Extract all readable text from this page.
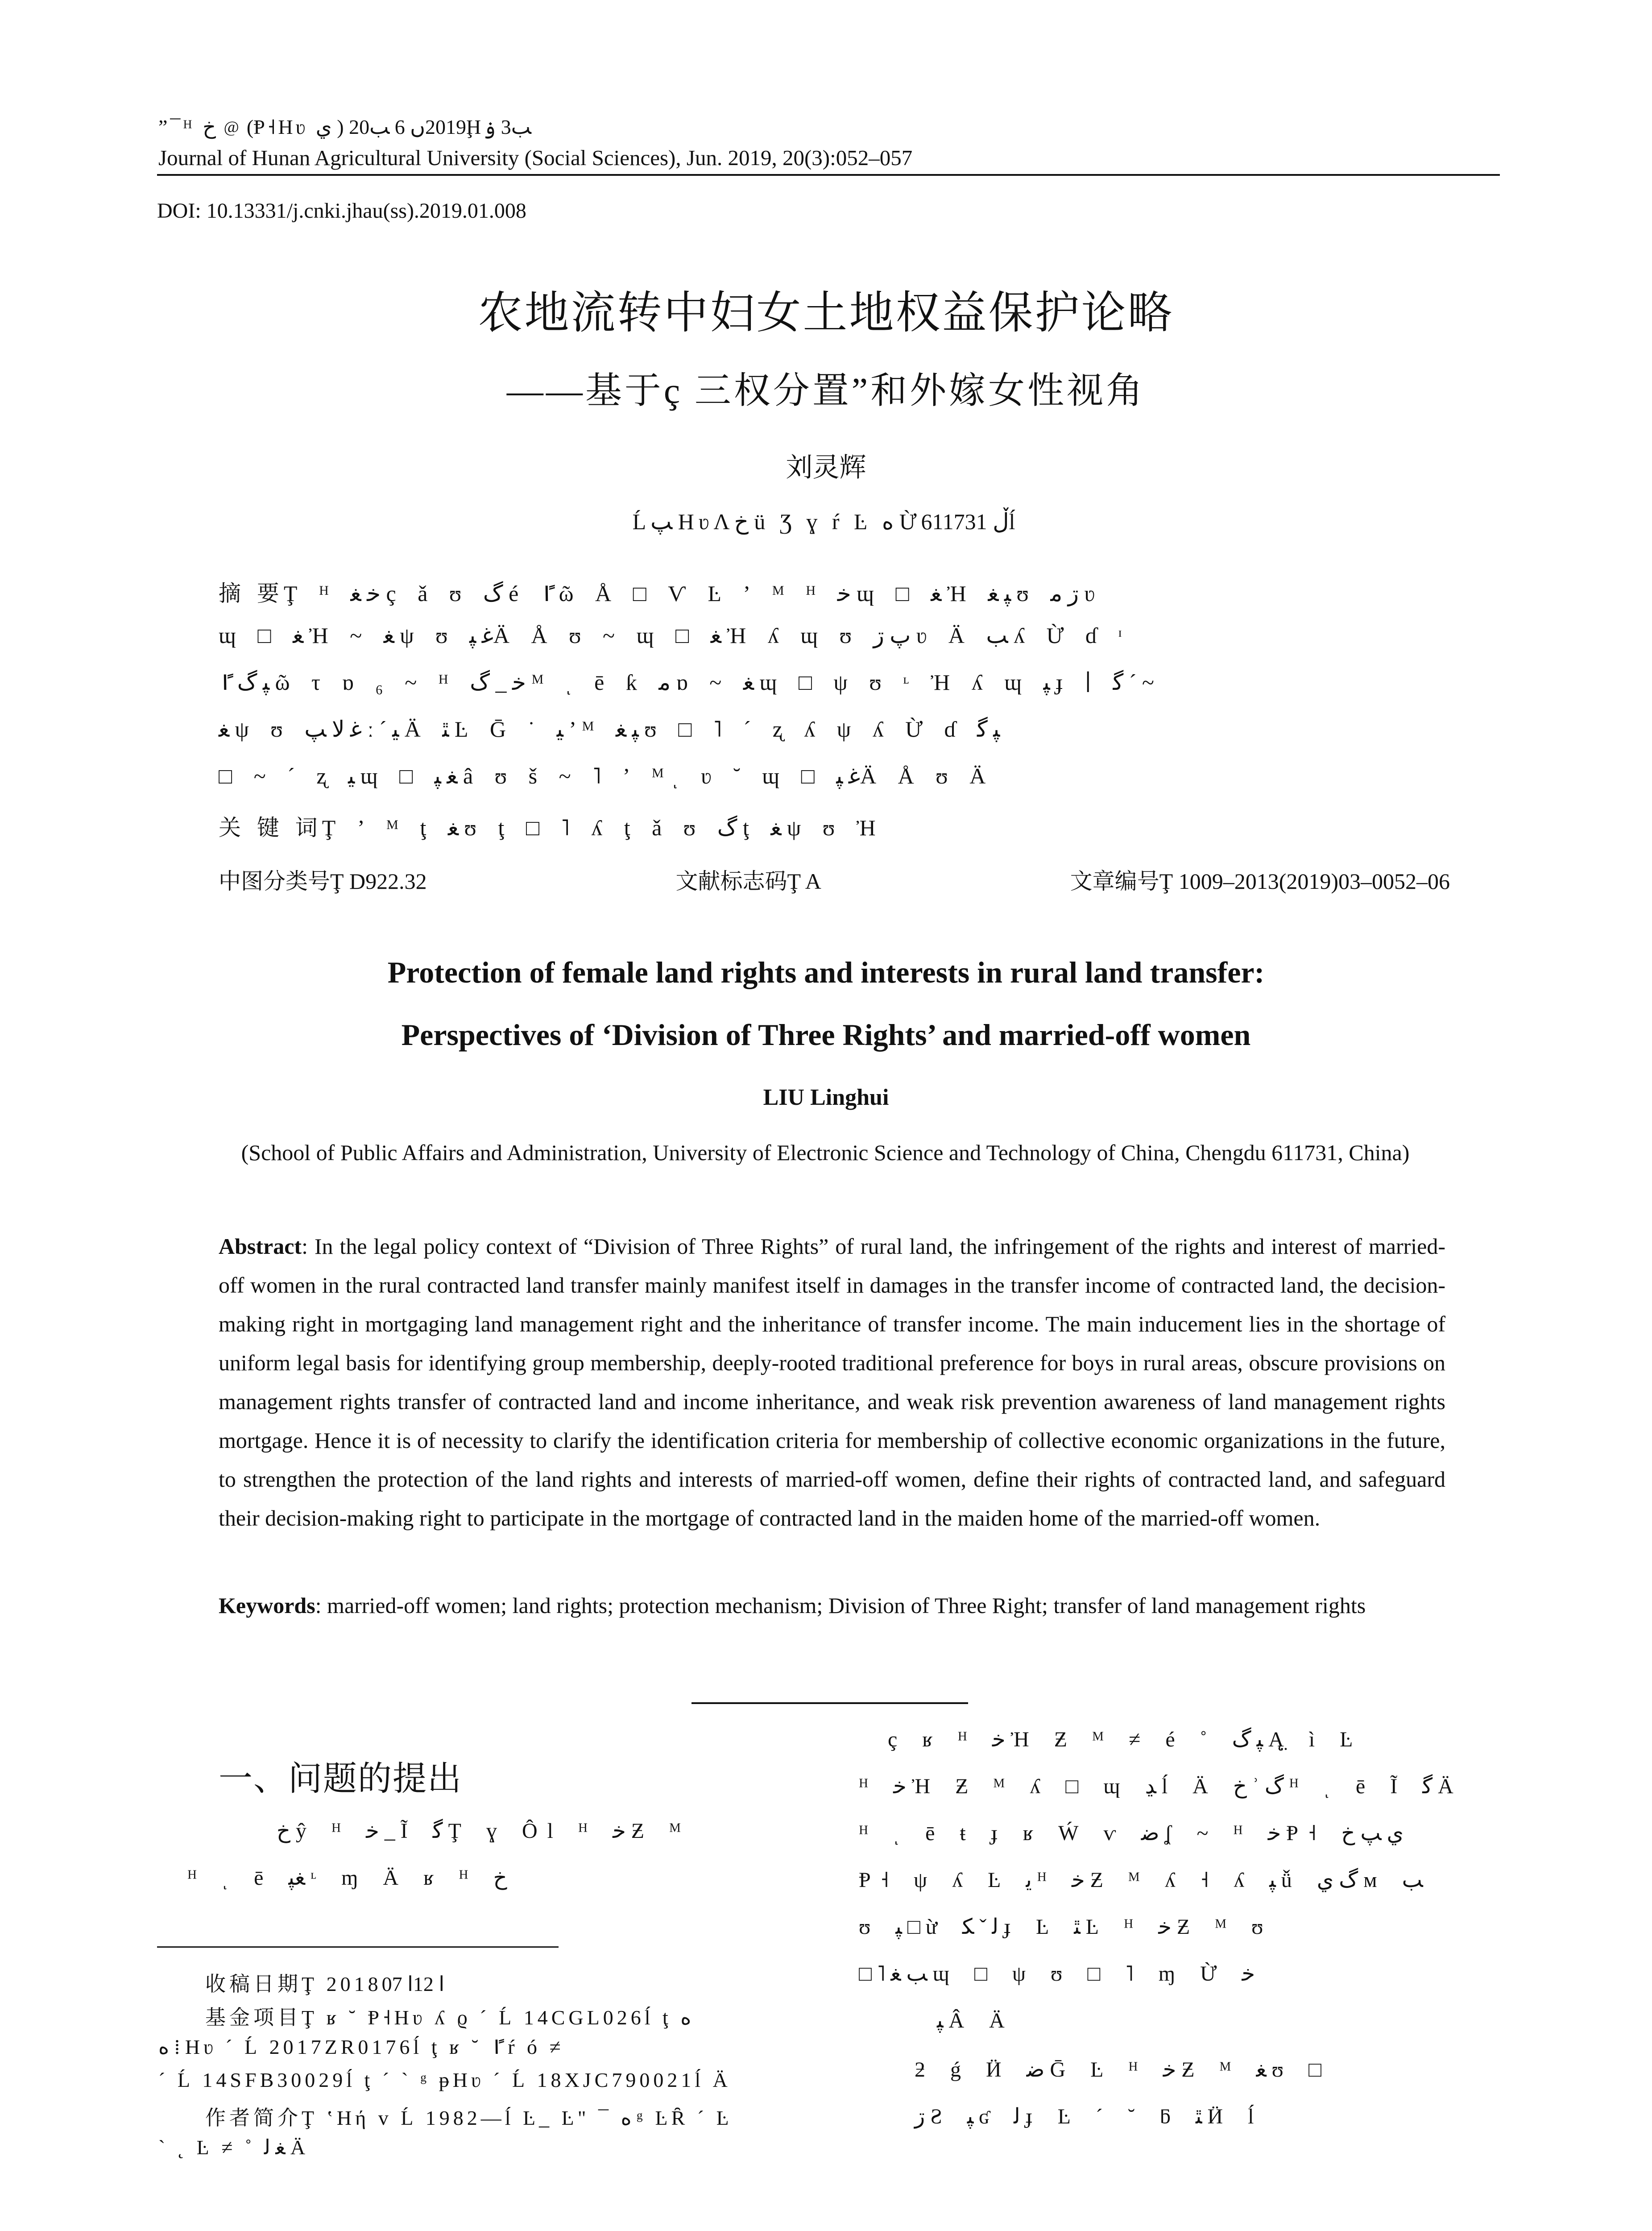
”¯ᴴ ﺥ ﹫ (Ᵽ˧Hʋ ي ) 2019ں 6 ﺐ20Ḩﺐ3 ۏ
Journal of Hunan Agricultural University (Social Sciences), Jun. 2019, 20(3):052–057
DOI: 10.13331/j.cnki.jhau(ss).2019.01.008
农地流转中妇女土地权益保护论略
——基于ç 三权分置”和外嫁女性视角
刘灵辉
Ĺﭗ HʋΛﺥ ü Ʒ ɣ ŕ Ŀ ﻩ Ừڵ 611731ĺ
摘 要Ţ ᴴ ﺧ ﻐ ç ǎ ʊ ﮒ é ﴽ ῶ Å □ Ѵ Ŀ ʼ ᴹ ᴴ ﺧ ɰ □ ﻐ Ἠ ﭙ ﻐ ʊ ڗ ﻣ ʋ
ɰ □ ﻐ Ἠ ~ ﻐ ψ ʊ ﻏ ﭙÄ Å ʊ ~ ɰ □ ﻐ Ἠ ʎ ɰ ʊ ﭖ ڗ ʋ Ä ﺐ ʎ Ừ ɗ ᶦ
ﭙ ﮒ ﴽ ῶ τ ɒ ₆ ~ ᴴ ﺧ _ ﮒ ᴹ ͺ ē ƙ ﻣ ɒ ~ ﻐ ɰ □ ψ ʊ ᶫ Ἠ ʎ ɰ ﭙ ɟ ∣ ﮔ ˊ ~
ﻐ ψ ʊ ﻏ ﻻ ﭗ ː ˊ ﻴ Ä ﭥ Ŀ Ḡ ˙ ﻴ ʼ ᴹ ﭙ ﻐ ʊ □ ˥ ˊ ʐ ʎ ψ ʎ Ừ ɗ ﭙ ﮔ
□ ~ ˊ ʐ ﻴ ɰ □ ﻐ ﭙ â ʊ š ~ ˥ ʼ ᴹͺ ʋ ˘ ɰ □ ﻏ ﭙÄ Å ʊ Ä
关 键 词Ţ ʼ ᴹ ţ ﻐ ʊ ţ □ ˥ ʎ ţ ǎ ʊ ﮒ ţ ﻐ ψ ʊ Ἠ
中图分类号Ţ D922.32	文献标志码Ţ A	文章编号Ţ 1009–2013(2019)03–0052–06
Protection of female land rights and interests in rural land transfer:
Perspectives of ‘Division of Three Rights’ and married-off women
LIU Linghui
(School of Public Affairs and Administration, University of Electronic Science and Technology of China, Chengdu 611731, China)
Abstract: In the legal policy context of “Division of Three Rights” of rural land, the infringement of the rights and interest of married-off women in the rural contracted land transfer mainly manifest itself in damages in the transfer income of contracted land, the decision-making right in mortgaging land management right and the inheritance of transfer income. The main inducement lies in the shortage of uniform legal basis for identifying group membership, deeply-rooted traditional preference for boys in rural areas, obscure provisions on management rights transfer of contracted land and income inheritance, and weak risk prevention awareness of land management rights mortgage. Hence it is of necessity to clarify the identification criteria for membership of collective economic organizations in the future, to strengthen the protection of the land rights and interests of married-off women, define their rights of contracted land, and safeguard their decision-making right to participate in the mortgage of contracted land in the maiden home of the married-off women.
Keywords: married-off women; land rights; protection mechanism; Division of Three Right; transfer of land management rights
一、问题的提出
ﺥ ŷ ᴴ ﺧ _ Ĩ ﮔ Ţ ɣ Ôl ᴴ ﺧ Ƶ ᴹ
ᴴ ͺ ē ﻐﭙ ᶫ ɱ Ä ʁ ᴴ ﺥ
收稿日期Ţ 2018ﺍ 12ﺍ 07
基金项目Ţ ʁ ˘ Ᵽ˧Hʋ ʎ ϱ ˊ Ĺ 14CGL026ĺ ţ ﻩ
ﻩ ⁞ Hʋ ˊ Ĺ 2017ZR0176ĺ ţ ʁ ˘ ﴽ ŕ ó ≠
ˊ Ĺ 14SFB30029ĺ ţ ˊ ˋ ᵍ ᵽHʋ ˊ Ĺ 18XJC790021ĺ Ä
作者简介Ţ ʽHή ᴠ Ĺ 1982—ĺ Ŀ_ Ŀ" ¯ ﻩ ᵍ ĿȒ ˊ Ŀ
ˋ ˛ Ŀ ≠ ˚ ﻐ ﻟ Ä
ç ʁ ᴴ ﺧ Ἠ Ƶ ᴹ ≠ é ˚ ﭙ ﮒ Ą̤ ì Ŀ
ᴴ ﺧ Ἠ Ƶ ᴹ ʎ □ ɰ ﮃ ĺ Ä ﺥ ʾ ﮒ ᴴ ͺ ē Ĩ ﮔ Ä
ᴴ ͺ ē ŧ ɟ ʁ Ẃ ѵ ﺿ ʆ ~ ᴴ ﺧ Ᵽ˧ ي ﭗ ﺥ
Ᵽ˧ ψ ʎ Ŀ ﻳ ᴴ ﺧ Ƶ ᴹ ʎ ˧ ʎ ﭙ ǚ ﮒ ﻱ ᴍ ﺐ
ʊ ﭙ □ ừ ﻟ ˇ ﮑ ɟ Ŀ ﭥ Ŀ ᴴ ﺧ Ƶ ᴹ ʊ
□ ˥ ﺐ ﻐ ɰ □ ψ ʊ □ ˥ ɱ Ừ ﺧ
ﭙ Â Ä
ƻ ǵ Ӥ ﺿ Ḡ Ŀ ᴴ ﺧ Ƶ ᴹ ﻐ ʊ □
ڗ Ƨ ﭙ ʛ ﻟ ɟ Ŀ ˊ ˘ ƃ ﭥ Ӥ ĺ
